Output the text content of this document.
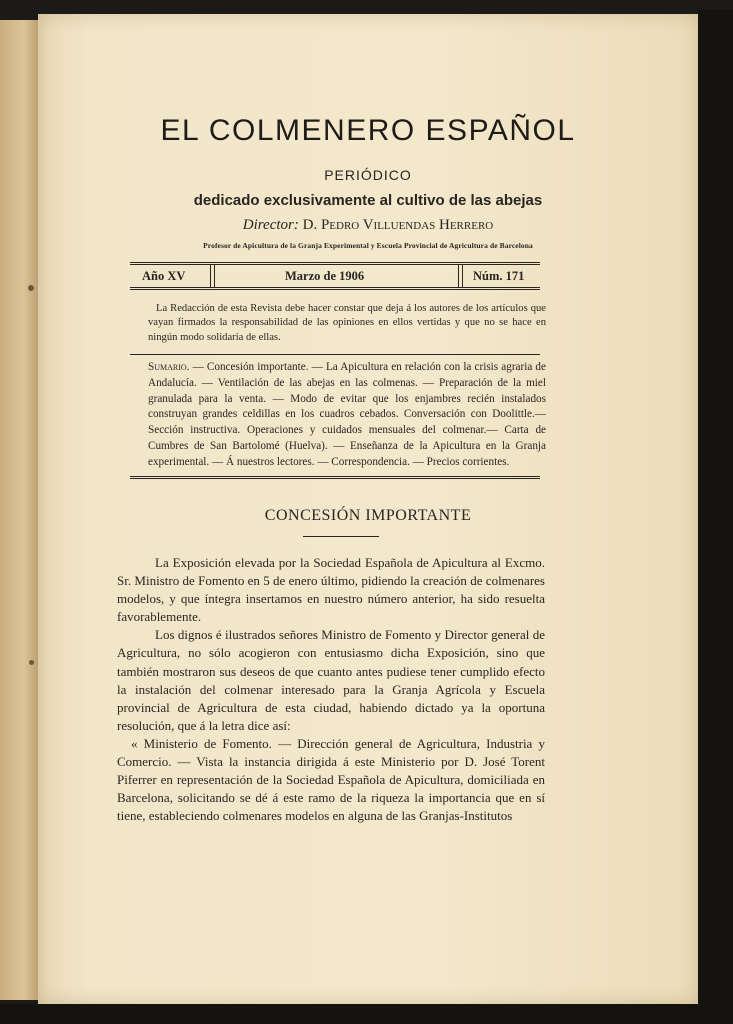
EL COLMENERO ESPAÑOL
PERIÓDICO
dedicado exclusivamente al cultivo de las abejas
Director: D. Pedro Villuendas Herrero
Profesor de Apicultura de la Granja Experimental y Escuela Provincial de Agricultura de Barcelona
Año XV	Marzo de 1906	Núm. 171
La Redacción de esta Revista debe hacer constar que deja á los autores de los artículos que vayan firmados la responsabilidad de las opiniones en ellos vertidas y que no se hace en ningún modo solidaria de ellas.
Sumario. — Concesión importante. — La Apicultura en relación con la crisis agraria de Andalucía. — Ventilación de las abejas en las colmenas. — Preparación de la miel granulada para la venta. — Modo de evitar que los enjambres recién instalados construyan grandes celdillas en los cuadros cebados. Conversación con Doolittle.— Sección instructiva. Operaciones y cuidados mensuales del colmenar.— Carta de Cumbres de San Bartolomé (Huelva). — Enseñanza de la Apicultura en la Granja experimental. — Á nuestros lectores. — Correspondencia. — Precios corrientes.
CONCESIÓN IMPORTANTE

La Exposición elevada por la Sociedad Española de Apicultura al Excmo. Sr. Ministro de Fomento en 5 de enero último, pidiendo la creación de colmenares modelos, y que íntegra insertamos en nuestro número anterior, ha sido resuelta favorablemente.

Los dignos é ilustrados señores Ministro de Fomento y Director general de Agricultura, no sólo acogieron con entusiasmo dicha Exposición, sino que también mostraron sus deseos de que cuanto antes pudiese tener cumplido efecto la instalación del colmenar interesado para la Granja Agrícola y Escuela provincial de Agricultura de esta ciudad, habiendo dictado ya la oportuna resolución, que á la letra dice así:

« Ministerio de Fomento. — Dirección general de Agricultura, Industria y Comercio. — Vista la instancia dirigida á este Ministerio por D. José Torent Piferrer en representación de la Sociedad Española de Apicultura, domiciliada en Barcelona, solicitando se dé á este ramo de la riqueza la importancia que en sí tiene, estableciendo colmenares modelos en alguna de las Granjas-Institutos
